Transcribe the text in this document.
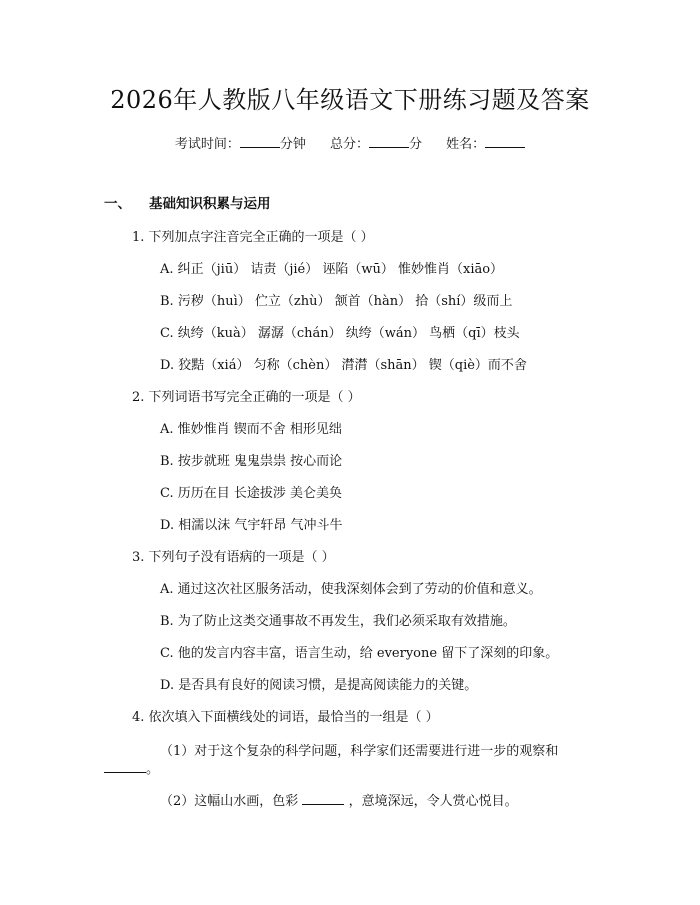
2026年人教版八年级语文下册练习题及答案
考试时间：	分钟 总分：	分 姓名：
一、 基础知识积累与运用
1. 下列加点字注音完全正确的一项是（ ）
A. 纠正（jiū） 诘责（jié） 诬陷（wū） 惟妙惟肖（xiāo）
B. 污秽（huì） 伫立（zhù） 颔首（hàn） 拾（shí）级而上
C. 纨绔（kuà） 潺潺（chán） 纨绔（wán） 鸟栖（qī）枝头
D. 狡黠（xiá） 匀称（chèn） 潸潸（shān） 锲（qiè）而不舍
2. 下列词语书写完全正确的一项是（ ）
A. 惟妙惟肖 锲而不舍 相形见绌
B. 按步就班 鬼鬼祟祟 按心而论
C. 历历在目 长途拔涉 美仑美奂
D. 相濡以沫 气宇轩昂 气冲斗牛
3. 下列句子没有语病的一项是（ ）
A. 通过这次社区服务活动，使我深刻体会到了劳动的价值和意义。
B. 为了防止这类交通事故不再发生，我们必须采取有效措施。
C. 他的发言内容丰富，语言生动，给 everyone 留下了深刻的印象。
D. 是否具有良好的阅读习惯，是提高阅读能力的关键。
4. 依次填入下面横线处的词语，最恰当的一组是（ ）
（1）对于这个复杂的科学问题，科学家们还需要进行进一步的观察和
。
（2）这幅山水画，色彩	，意境深远，令人赏心悦目。
